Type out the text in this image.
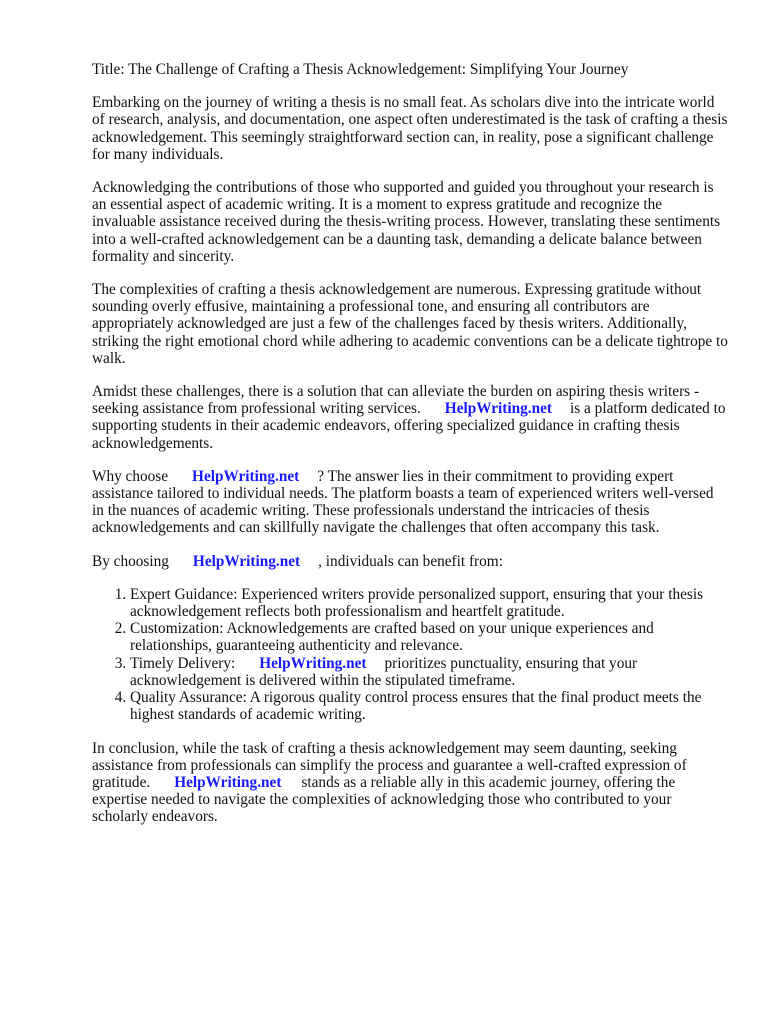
Title: The Challenge of Crafting a Thesis Acknowledgement: Simplifying Your Journey

Embarking on the journey of writing a thesis is no small feat. As scholars dive into the intricate world of research, analysis, and documentation, one aspect often underestimated is the task of crafting a thesis acknowledgement. This seemingly straightforward section can, in reality, pose a significant challenge for many individuals.

Acknowledging the contributions of those who supported and guided you throughout your research is an essential aspect of academic writing. It is a moment to express gratitude and recognize the invaluable assistance received during the thesis-writing process. However, translating these sentiments into a well-crafted acknowledgement can be a daunting task, demanding a delicate balance between formality and sincerity.

The complexities of crafting a thesis acknowledgement are numerous. Expressing gratitude without sounding overly effusive, maintaining a professional tone, and ensuring all contributors are appropriately acknowledged are just a few of the challenges faced by thesis writers. Additionally, striking the right emotional chord while adhering to academic conventions can be a delicate tightrope to walk.

Amidst these challenges, there is a solution that can alleviate the burden on aspiring thesis writers - seeking assistance from professional writing services. HelpWriting.net is a platform dedicated to supporting students in their academic endeavors, offering specialized guidance in crafting thesis acknowledgements.

Why choose HelpWriting.net ? The answer lies in their commitment to providing expert assistance tailored to individual needs. The platform boasts a team of experienced writers well-versed in the nuances of academic writing. These professionals understand the intricacies of thesis acknowledgements and can skillfully navigate the challenges that often accompany this task.

By choosing HelpWriting.net , individuals can benefit from:

1. Expert Guidance: Experienced writers provide personalized support, ensuring that your thesis acknowledgement reflects both professionalism and heartfelt gratitude.
2. Customization: Acknowledgements are crafted based on your unique experiences and relationships, guaranteeing authenticity and relevance.
3. Timely Delivery: HelpWriting.net prioritizes punctuality, ensuring that your acknowledgement is delivered within the stipulated timeframe.
4. Quality Assurance: A rigorous quality control process ensures that the final product meets the highest standards of academic writing.

In conclusion, while the task of crafting a thesis acknowledgement may seem daunting, seeking assistance from professionals can simplify the process and guarantee a well-crafted expression of gratitude. HelpWriting.net stands as a reliable ally in this academic journey, offering the expertise needed to navigate the complexities of acknowledging those who contributed to your scholarly endeavors.
